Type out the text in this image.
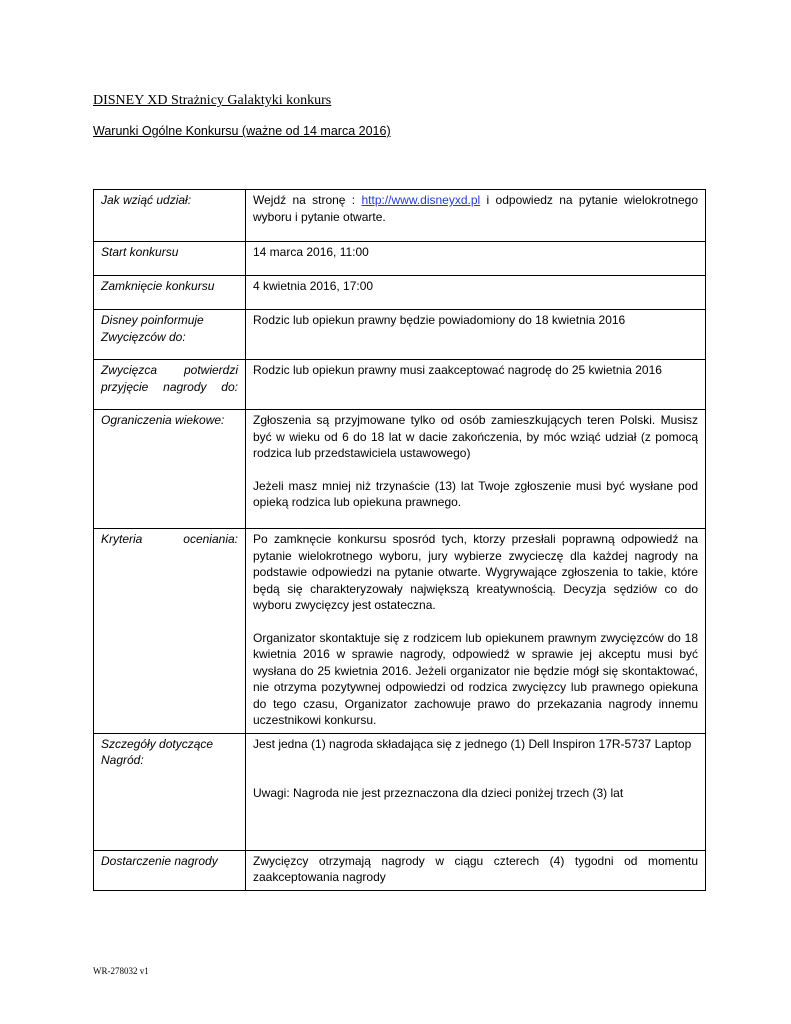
DISNEY XD Strażnicy Galaktyki konkurs
Warunki Ogólne Konkursu (ważne od 14 marca 2016)
Jak wziąć udział:	Wejdź na stronę : http://www.disneyxd.pl i odpowiedz na pytanie wielokrotnego wyboru i pytanie otwarte.
Start konkursu	14 marca 2016, 11:00
Zamknięcie konkursu	4 kwietnia 2016, 17:00
Disney poinformuje Zwycięzców do:	Rodzic lub opiekun prawny będzie powiadomiony do 18 kwietnia 2016
Zwycięzca potwierdzi przyjęcie nagrody do:	Rodzic lub opiekun prawny musi zaakceptować nagrodę do 25 kwietnia 2016
Ograniczenia wiekowe:	Zgłoszenia są przyjmowane tylko od osób zamieszkujących teren Polski. Musisz być w wieku od 6 do 18 lat w dacie zakończenia, by móc wziąć udział (z pomocą rodzica lub przedstawiciela ustawowego)

Jeżeli masz mniej niż trzynaście (13) lat Twoje zgłoszenie musi być wysłane pod opieką rodzica lub opiekuna prawnego.

Kryteria oceniania:	Po zamknęcie konkursu sposród tych, ktorzy przesłali poprawną odpowiedź na pytanie wielokrotnego wyboru, jury wybierze zwycieczę dla każdej nagrody na podstawie odpowiedzi na pytanie otwarte. Wygrywające zgłoszenia to takie, które będą się charakteryzowały największą kreatywnością. Decyzja sędziów co do wyboru zwycięzcy jest ostateczna.

Organizator skontaktuje się z rodzicem lub opiekunem prawnym zwycięzców do 18 kwietnia 2016 w sprawie nagrody, odpowiedź w sprawie jej akceptu musi być wysłana do 25 kwietnia 2016. Jeżeli organizator nie będzie mógł się skontaktować, nie otrzyma pozytywnej odpowiedzi od rodzica zwycięzcy lub prawnego opiekuna do tego czasu, Organizator zachowuje prawo do przekazania nagrody innemu uczestnikowi konkursu.

Szczegóły dotyczące Nagród:	Jest jedna (1) nagroda składająca się z jednego (1) Dell Inspiron 17R-5737 Laptop

Uwagi: Nagroda nie jest przeznaczona dla dzieci poniżej trzech (3) lat

Dostarczenie nagrody	Zwycięzcy otrzymają nagrody w ciągu czterech (4) tygodni od momentu zaakceptowania nagrody
WR-278032 v1
